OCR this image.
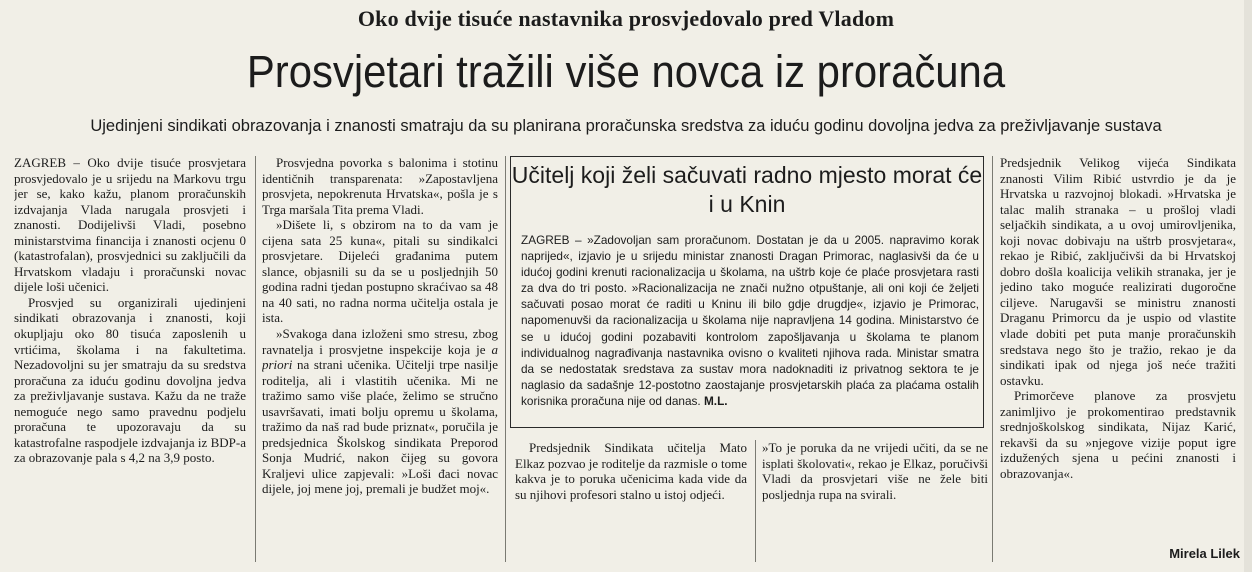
Oko dvije tisuće nastavnika prosvjedovalo pred Vladom
Prosvjetari tražili više novca iz proračuna
Ujedinjeni sindikati obrazovanja i znanosti smatraju da su planirana proračunska sredstva za iduću godinu dovoljna jedva za preživljavanje sustava

ZAGREB – Oko dvije tisuće prosvjetara prosvjedovalo je u srijedu na Markovu trgu jer se, kako kažu, planom proračunskih izdvajanja Vlada narugala prosvjeti i znanosti. Dodijelivši Vladi, posebno ministarstvima financija i znanosti ocjenu 0 (katastrofalan), prosvjednici su zaključili da Hrvatskom vladaju i proračunski novac dijele loši učenici.

Prosvjed su organizirali ujedinjeni sindikati obrazovanja i znanosti, koji okupljaju oko 80 tisuća zaposlenih u vrtićima, školama i na fakultetima. Nezadovoljni su jer smatraju da su sredstva proračuna za iduću godinu dovoljna jedva za preživljavanje sustava. Kažu da ne traže nemoguće nego samo pravednu podjelu proračuna te upozoravaju da su katastrofalne raspodjele izdvajanja iz BDP-a za obrazovanje pala s 4,2 na 3,9 posto.

Prosvjedna povorka s balonima i stotinu identičnih transparenata: »Zapostavljena prosvjeta, nepokrenuta Hrvatska«, pošla je s Trga maršala Tita prema Vladi.

»Dišete li, s obzirom na to da vam je cijena sata 25 kuna«, pitali su sindikalci prosvjetare. Dijeleći građanima putem slance, objasnili su da se u posljednjih 50 godina radni tjedan postupno skraćivao sa 48 na 40 sati, no radna norma učitelja ostala je ista.

»Svakoga dana izloženi smo stresu, zbog ravnatelja i prosvjetne inspekcije koja je a priori na strani učenika. Učitelji trpe nasilje roditelja, ali i vlastitih učenika. Mi ne tražimo samo više plaće, želimo se stručno usavršavati, imati bolju opremu u školama, tražimo da naš rad bude priznat«, poručila je predsjednica Školskog sindikata Preporod Sonja Mudrić, nakon čijeg su govora Kraljevi ulice zapjevali: »Loši đaci novac dijele, joj mene joj, premali je budžet moj«.

Učitelj koji želi sačuvati radno mjesto morat će i u Knin

ZAGREB – »Zadovoljan sam proračunom. Dostatan je da u 2005. napravimo korak naprijed«, izjavio je u srijedu ministar znanosti Dragan Primorac, naglasivši da će u idućoj godini krenuti racionalizacija u školama, na uštrb koje će plaće prosvjetara rasti za dva do tri posto. »Racionalizacija ne znači nužno otpuštanje, ali oni koji će željeti sačuvati posao morat će raditi u Kninu ili bilo gdje drugdje«, izjavio je Primorac, napomenuvši da racionalizacija u školama nije napravljena 14 godina. Ministarstvo će se u idućoj godini pozabaviti kontrolom zapošljavanja u školama te planom individualnog nagrađivanja nastavnika ovisno o kvaliteti njihova rada. Ministar smatra da se nedostatak sredstava za sustav mora nadoknaditi iz privatnog sektora te je naglasio da sadašnje 12-postotno zaostajanje prosvjetarskih plaća za plaćama ostalih korisnika proračuna nije od danas. M.L.

Predsjednik Sindikata učitelja Mato Elkaz pozvao je roditelje da razmisle o tome kakva je to poruka učenicima kada vide da su njihovi profesori stalno u istoj odjeći.

»To je poruka da ne vrijedi učiti, da se ne isplati školovati«, rekao je Elkaz, poručivši Vladi da prosvjetari više ne žele biti posljednja rupa na svirali.

Predsjednik Velikog vijeća Sindikata znanosti Vilim Ribić ustvrdio je da je Hrvatska u razvojnoj blokadi. »Hrvatska je talac malih stranaka – u prošloj vladi seljačkih sindikata, a u ovoj umirovljenika, koji novac dobivaju na uštrb prosvjetara«, rekao je Ribić, zaključivši da bi Hrvatskoj dobro došla koalicija velikih stranaka, jer je jedino tako moguće realizirati dugoročne ciljeve. Narugavši se ministru znanosti Draganu Primorcu da je uspio od vlastite vlade dobiti pet puta manje proračunskih sredstava nego što je tražio, rekao je da sindikati ipak od njega još neće tražiti ostavku.

Primorčeve planove za prosvjetu zanimljivo je prokomentirao predstavnik srednjoškolskog sindikata, Nijaz Karić, rekavši da su »njegove vizije poput igre izdužených sjena u pećini znanosti i obrazovanja«.

Mirela Lilek
